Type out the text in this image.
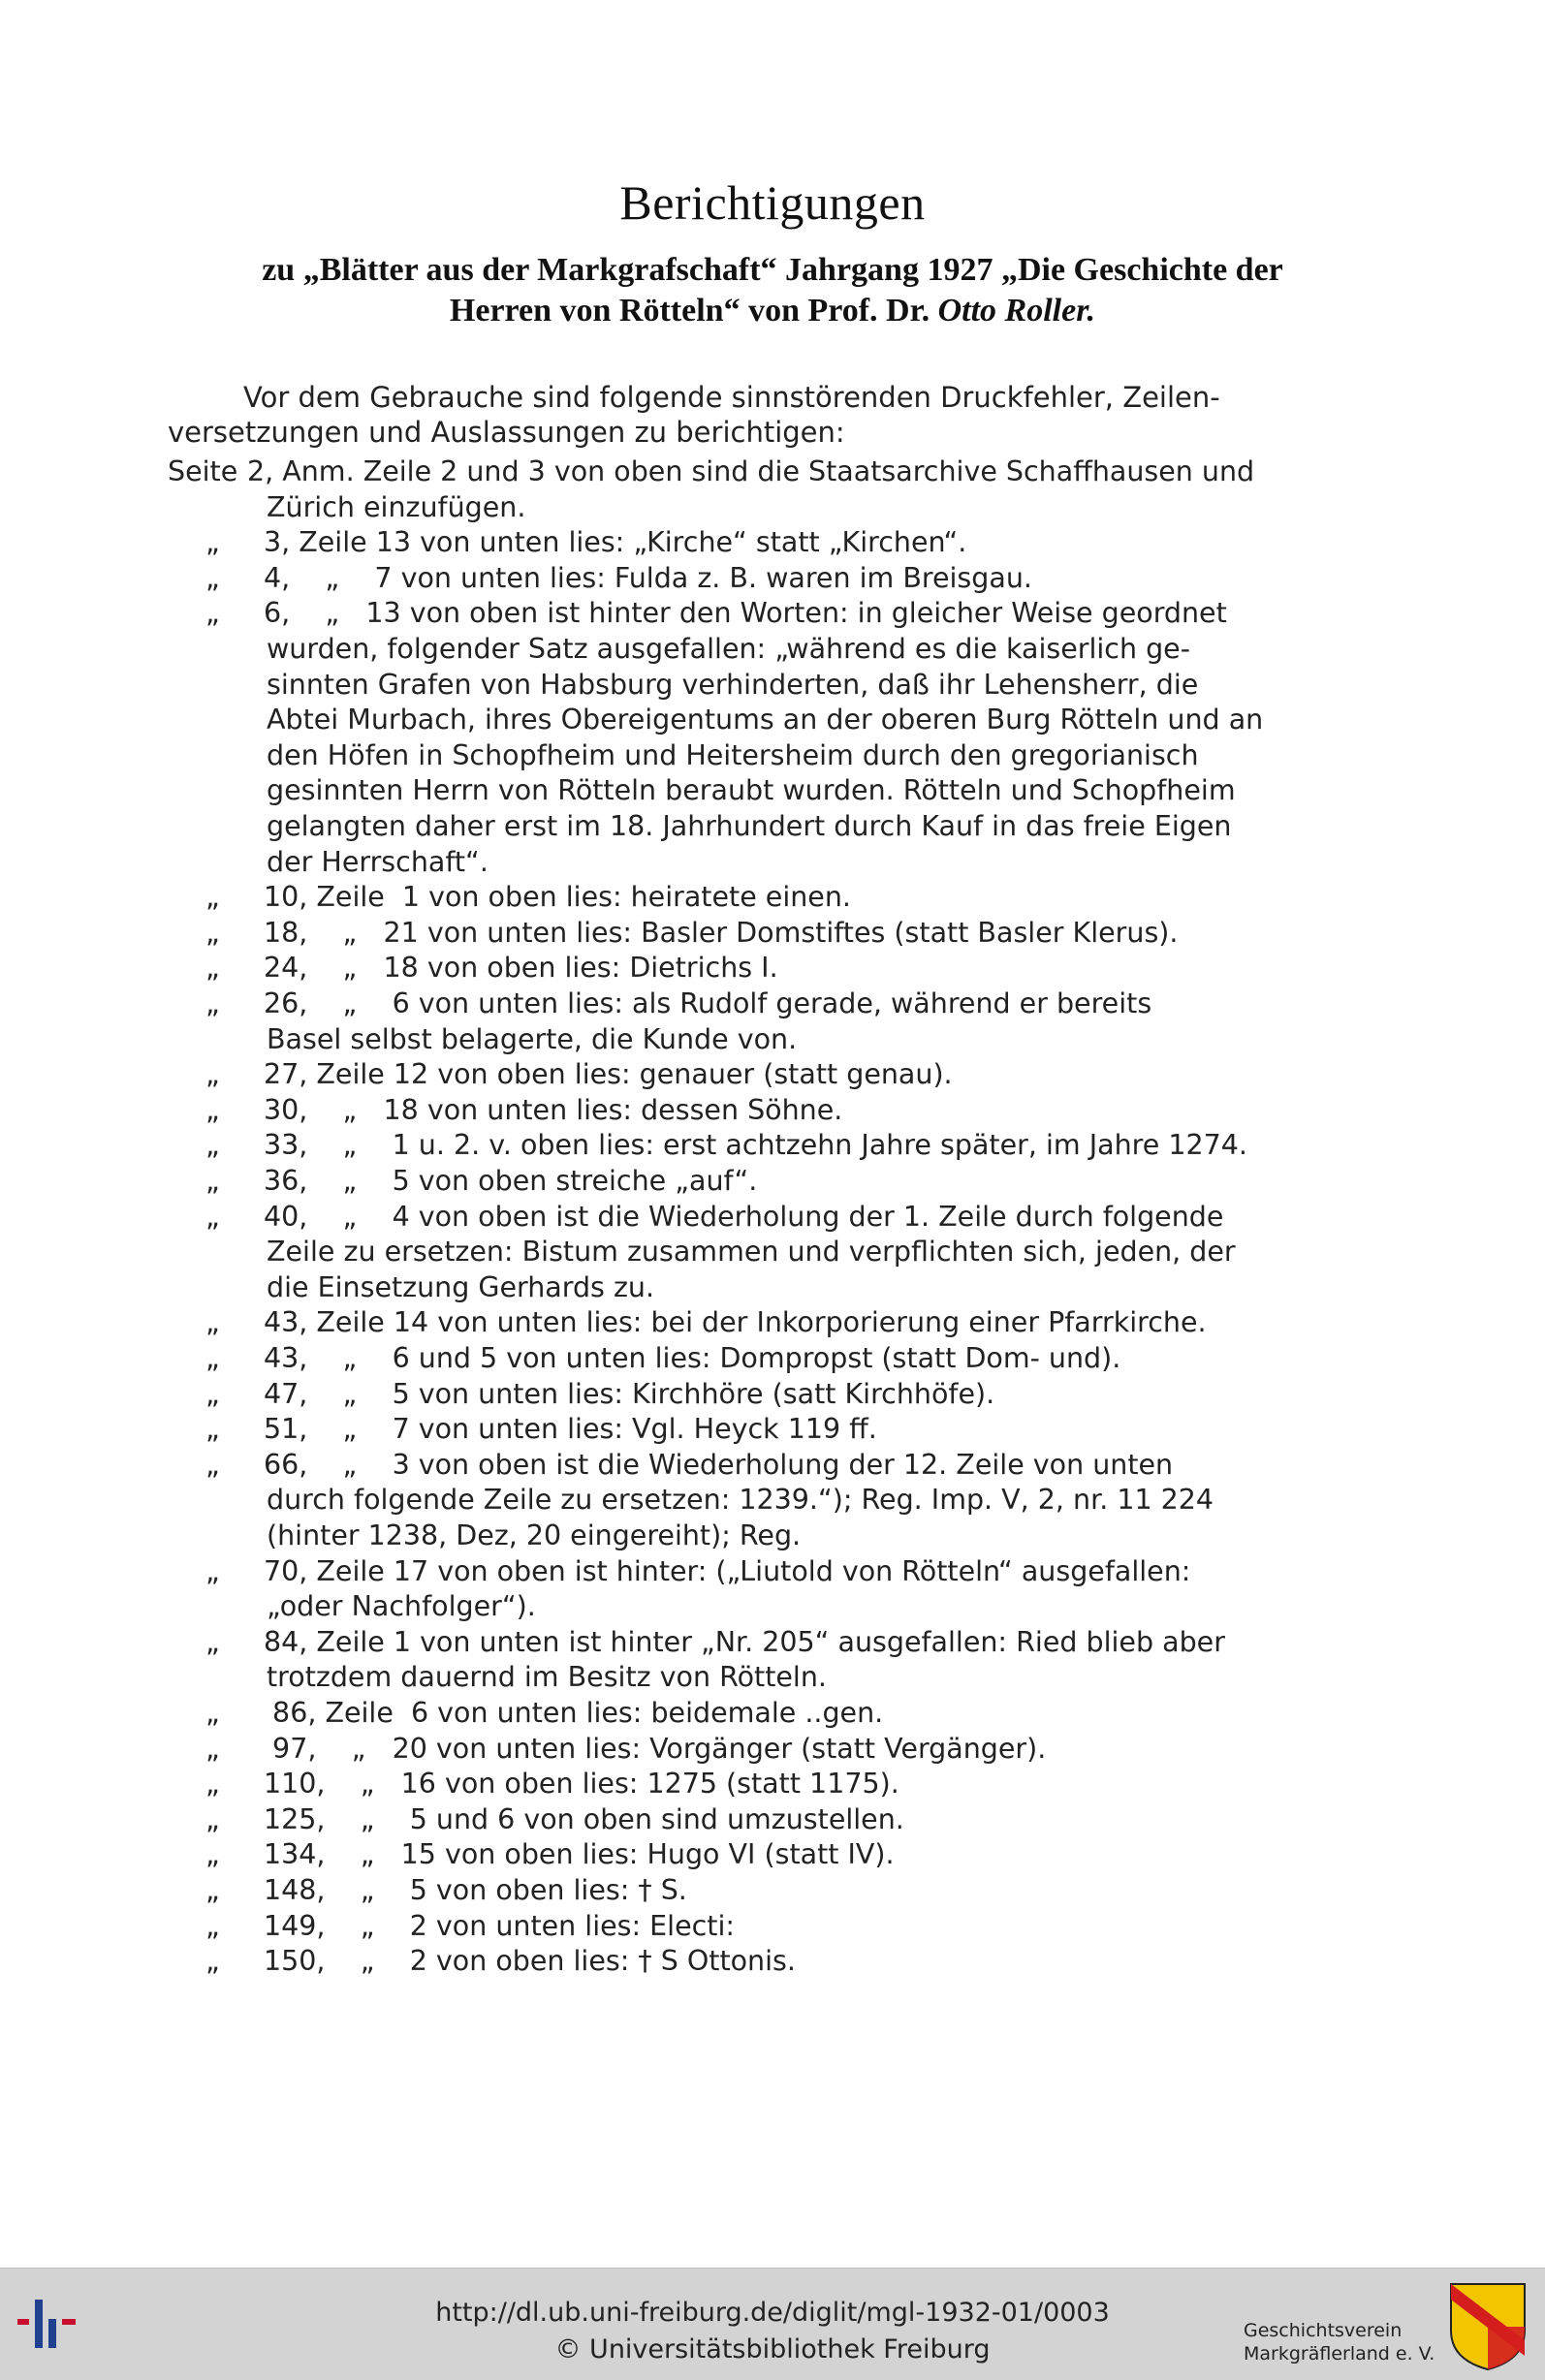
Berichtigungen
zu „Blätter aus der Markgrafschaft“ Jahrgang 1927 „Die Geschichte der
Herren von Rötteln“ von Prof. Dr. Otto Roller.
Vor dem Gebrauche sind folgende sinnstörenden Druckfehler, Zeilen-
versetzungen und Auslassungen zu berichtigen:
Seite 2, Anm. Zeile 2 und 3 von oben sind die Staatsarchive Schaffhausen und
Zürich einzufügen.
„	3, Zeile 13 von unten lies: „Kirche“ statt „Kirchen“.
„	4,    „    7 von unten lies: Fulda z. B. waren im Breisgau.
„	6,    „   13 von oben ist hinter den Worten: in gleicher Weise geordnet
wurden, folgender Satz ausgefallen: „während es die kaiserlich ge-
sinnten Grafen von Habsburg verhinderten, daß ihr Lehensherr, die
Abtei Murbach, ihres Obereigentums an der oberen Burg Rötteln und an
den Höfen in Schopfheim und Heitersheim durch den gregorianisch
gesinnten Herrn von Rötteln beraubt wurden. Rötteln und Schopfheim
gelangten daher erst im 18. Jahrhundert durch Kauf in das freie Eigen
der Herrschaft“.
„	10, Zeile  1 von oben lies: heiratete einen.
„	18,    „   21 von unten lies: Basler Domstiftes (statt Basler Klerus).
„	24,    „   18 von oben lies: Dietrichs I.
„	26,    „    6 von unten lies: als Rudolf gerade, während er bereits
Basel selbst belagerte, die Kunde von.
„	27, Zeile 12 von oben lies: genauer (statt genau).
„	30,    „   18 von unten lies: dessen Söhne.
„	33,    „    1 u. 2. v. oben lies: erst achtzehn Jahre später, im Jahre 1274.
„	36,    „    5 von oben streiche „auf“.
„	40,    „    4 von oben ist die Wiederholung der 1. Zeile durch folgende
Zeile zu ersetzen: Bistum zusammen und verpflichten sich, jeden, der
die Einsetzung Gerhards zu.
„	43, Zeile 14 von unten lies: bei der Inkorporierung einer Pfarrkirche.
„	43,    „    6 und 5 von unten lies: Dompropst (statt Dom- und).
„	47,    „    5 von unten lies: Kirchhöre (satt Kirchhöfe).
„	51,    „    7 von unten lies: Vgl. Heyck 119 ff.
„	66,    „    3 von oben ist die Wiederholung der 12. Zeile von unten
durch folgende Zeile zu ersetzen: 1239.“); Reg. Imp. V, 2, nr. 11 224
(hinter 1238, Dez, 20 eingereiht); Reg.
„	70, Zeile 17 von oben ist hinter: („Liutold von Rötteln“ ausgefallen:
„oder Nachfolger“).
„	84, Zeile 1 von unten ist hinter „Nr. 205“ ausgefallen: Ried blieb aber
trotzdem dauernd im Besitz von Rötteln.
„	86, Zeile  6 von unten lies: beidemale ..gen.
„	97,    „   20 von unten lies: Vorgänger (statt Vergänger).
„	110,    „   16 von oben lies: 1275 (statt 1175).
„	125,    „    5 und 6 von oben sind umzustellen.
„	134,    „   15 von oben lies: Hugo VI (statt IV).
„	148,    „    5 von oben lies: † S.
„	149,    „    2 von unten lies: Electi:
„	150,    „    2 von oben lies: † S Ottonis.
http://dl.ub.uni-freiburg.de/diglit/mgl-1932-01/0003
© Universitätsbibliothek Freiburg
Geschichtsverein
Markgräflerland e. V.
